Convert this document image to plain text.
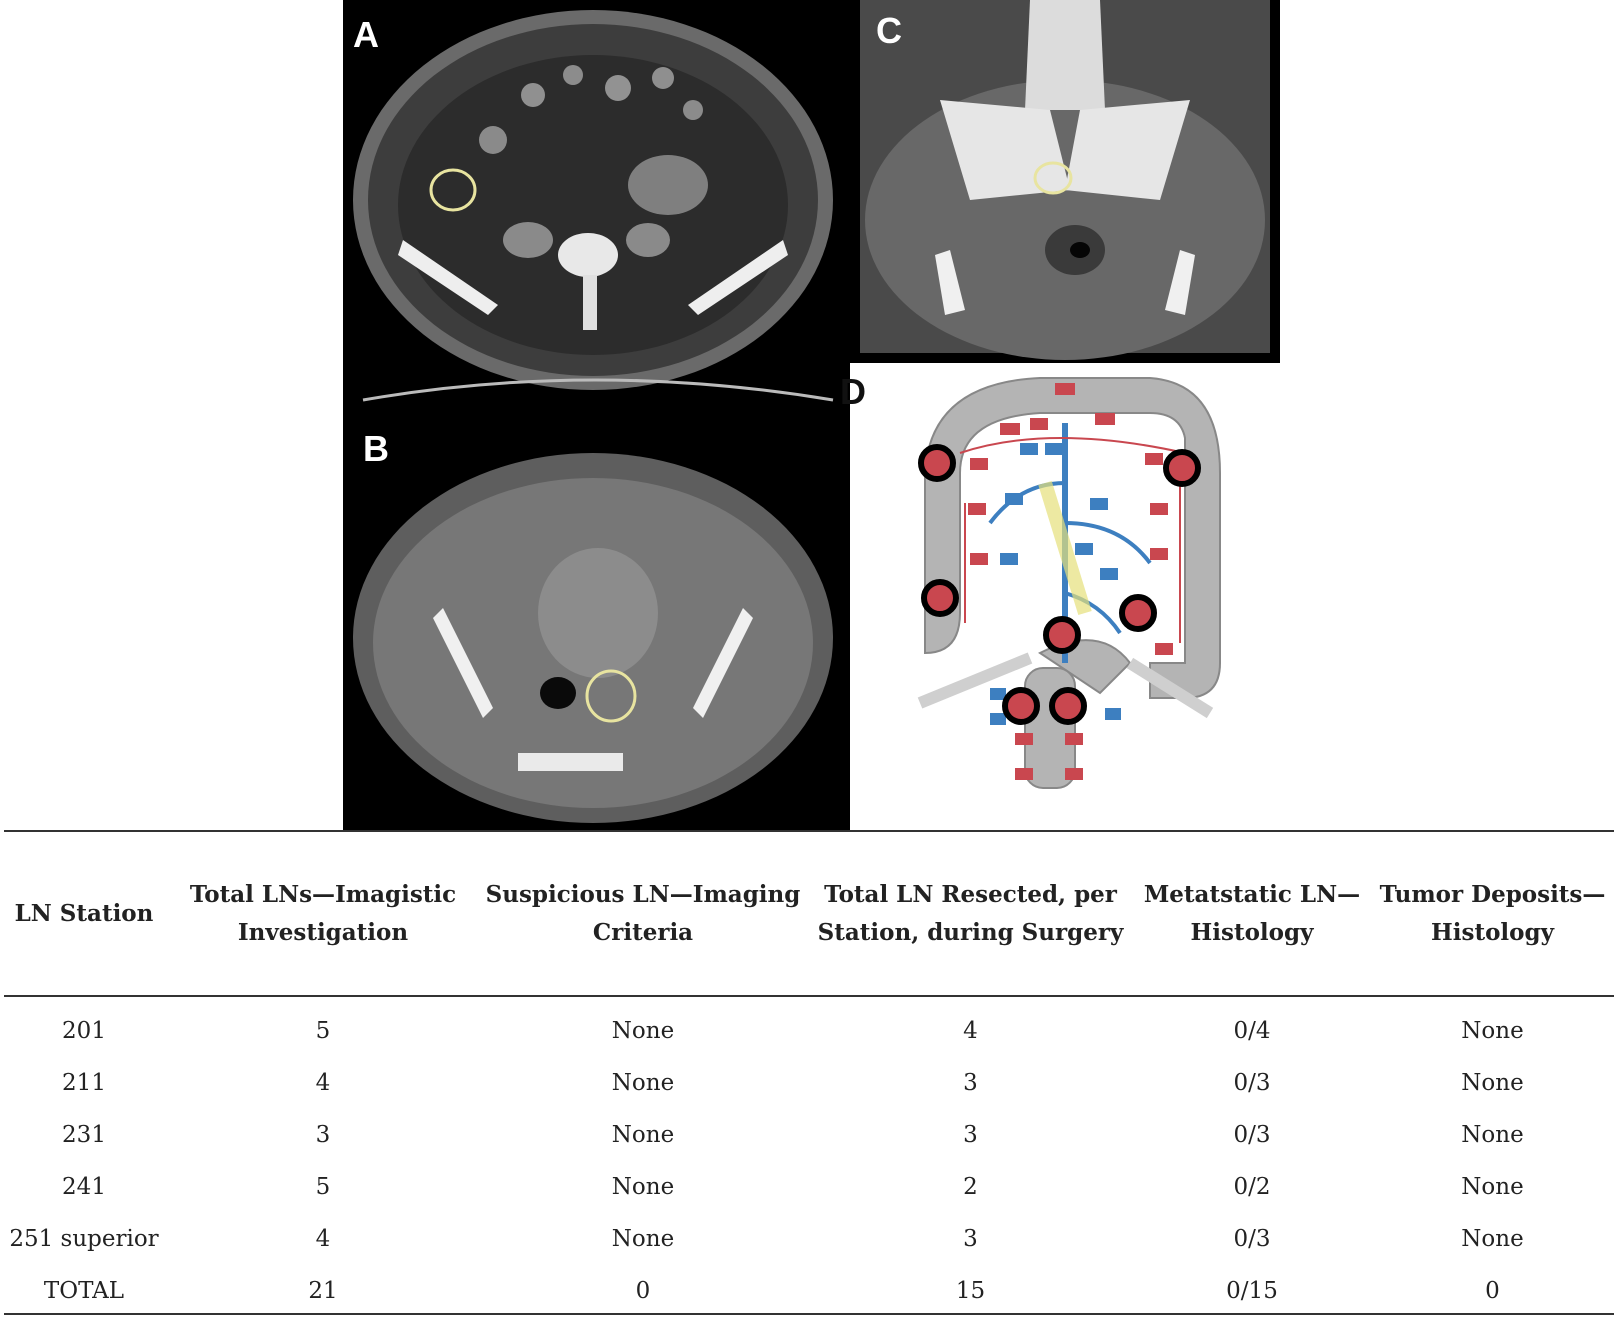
A
B
C
D
LN Station	Total LNs—Imagistic Investigation	Suspicious LN—Imaging Criteria	Total LN Resected, per Station, during Surgery	Metatstatic LN—Histology	Tumor Deposits—Histology
201	5	None	4	0/4	None
211	4	None	3	0/3	None
231	3	None	3	0/3	None
241	5	None	2	0/2	None
251 superior	4	None	3	0/3	None
TOTAL	21	0	15	0/15	0
